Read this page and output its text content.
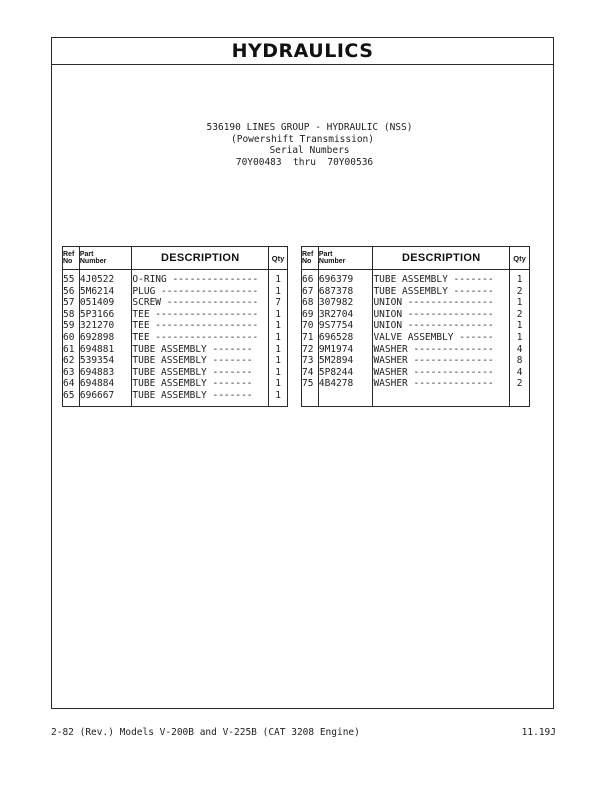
HYDRAULICS
536190 LINES GROUP - HYDRAULIC (NSS)
(Powershift Transmission)
Serial Numbers
70Y00483  thru  70Y00536
Ref
No	Part
Number	DESCRIPTION	Qty

55	4J0522	O-RING ---------------	1
56	5M6214	PLUG -----------------	1
57	051409	SCREW ----------------	7
58	5P3166	TEE ------------------	1
59	321270	TEE ------------------	1
60	692898	TEE ------------------	1
61	694881	TUBE ASSEMBLY -------	1
62	539354	TUBE ASSEMBLY -------	1
63	694883	TUBE ASSEMBLY -------	1
64	694884	TUBE ASSEMBLY -------	1
65	696667	TUBE ASSEMBLY -------	1

Ref
No	Part
Number	DESCRIPTION	Qty

66	696379	TUBE ASSEMBLY -------	1
67	687378	TUBE ASSEMBLY -------	2
68	307982	UNION ---------------	1
69	3R2704	UNION ---------------	2
70	9S7754	UNION ---------------	1
71	696528	VALVE ASSEMBLY ------	1
72	9M1974	WASHER --------------	4
73	5M2894	WASHER --------------	8
74	5P8244	WASHER --------------	4
75	4B4278	WASHER --------------	2

2-82 (Rev.) Models V-200B and V-225B (CAT 3208 Engine)	11.19J
